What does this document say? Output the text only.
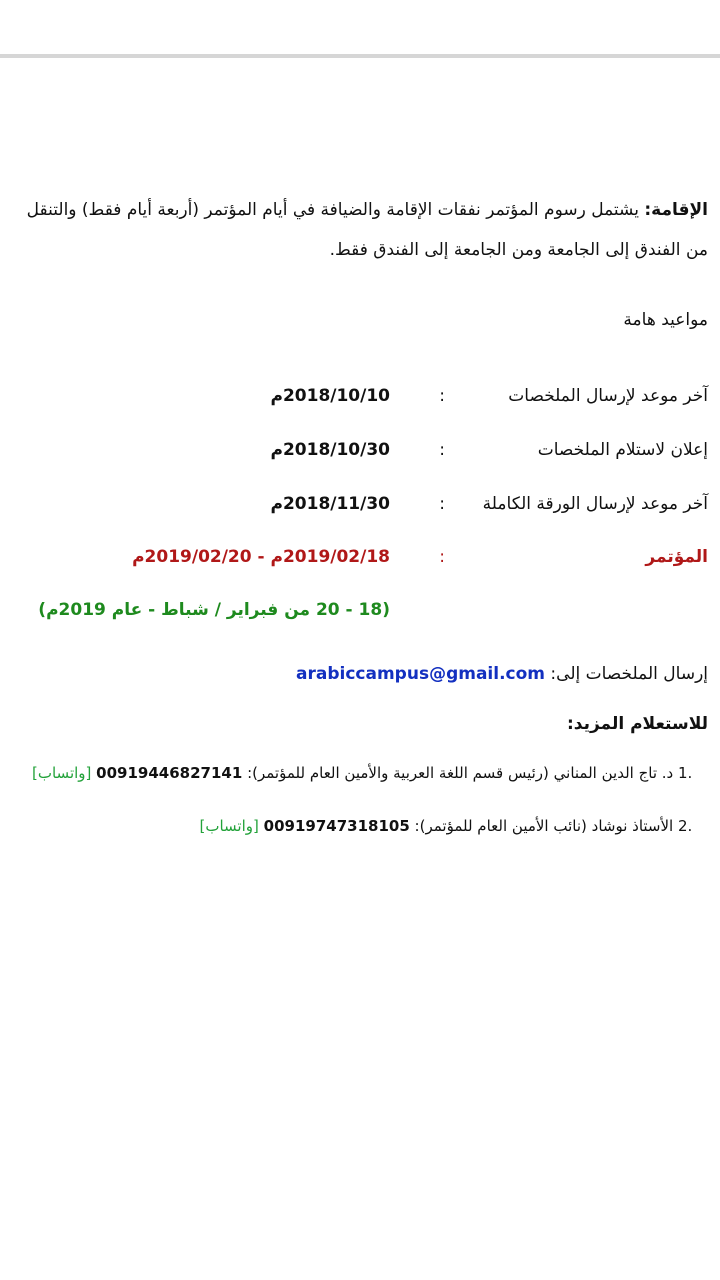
الإقامة: يشتمل رسوم المؤتمر نفقات الإقامة والضيافة في أيام المؤتمر (أربعة أيام فقط) والتنقل من الفندق إلى الجامعة ومن الجامعة إلى الفندق فقط.

مواعيد هامة
آخر موعد لإرسال الملخصات
:
2018/10/10م
إعلان لاستلام الملخصات
:
2018/10/30م
آخر موعد لإرسال الورقة الكاملة
:
2018/11/30م
المؤتمر
:
2019/02/18م - 2019/02/20م
(18 - 20 من فبراير / شباط - عام 2019م)
إرسال الملخصات إلى: arabiccampus@gmail.com
للاستعلام المزيد:
1. د. تاج الدين المناني (رئيس قسم اللغة العربية والأمين العام للمؤتمر): 00919446827141 [واتساب]
2. الأستاذ نوشاد (نائب الأمين العام للمؤتمر): 00919747318105 [واتساب]
